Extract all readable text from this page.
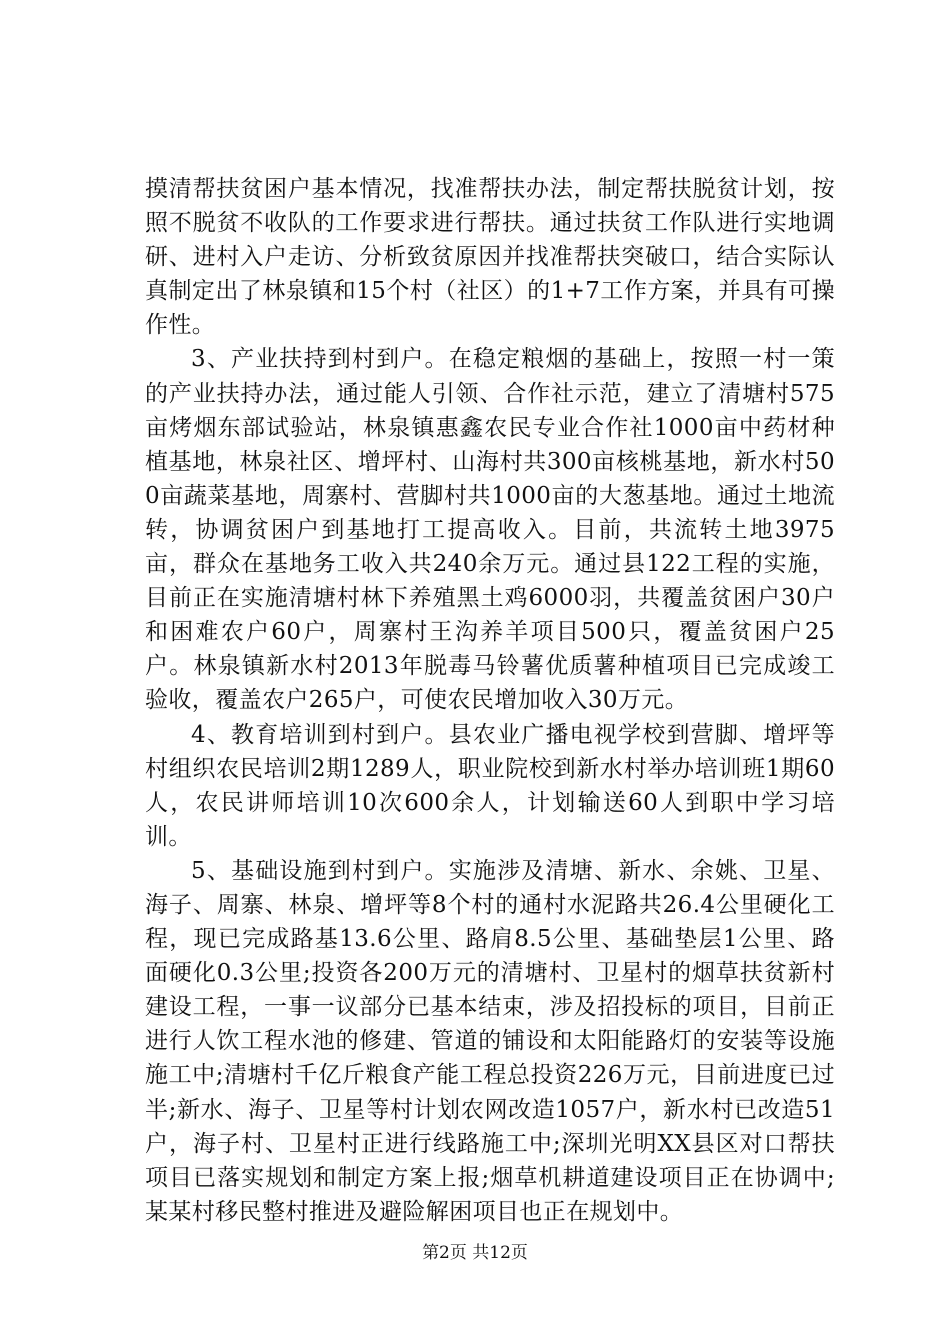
摸清帮扶贫困户基本情况，找准帮扶办法，制定帮扶脱贫计划，按照不脱贫不收队的工作要求进行帮扶。通过扶贫工作队进行实地调研、进村入户走访、分析致贫原因并找准帮扶突破口，结合实际认真制定出了林泉镇和15个村（社区）的1+7工作方案，并具有可操作性。

3、产业扶持到村到户。在稳定粮烟的基础上，按照一村一策的产业扶持办法，通过能人引领、合作社示范，建立了清塘村575亩烤烟东部试验站，林泉镇惠鑫农民专业合作社1000亩中药材种植基地，林泉社区、增坪村、山海村共300亩核桃基地，新水村500亩蔬菜基地，周寨村、营脚村共1000亩的大葱基地。通过土地流转，协调贫困户到基地打工提高收入。目前，共流转土地3975亩，群众在基地务工收入共240余万元。通过县122工程的实施，目前正在实施清塘村林下养殖黑土鸡6000羽，共覆盖贫困户30户和困难农户60户，周寨村王沟养羊项目500只，覆盖贫困户25户。林泉镇新水村2013年脱毒马铃薯优质薯种植项目已完成竣工验收，覆盖农户265户，可使农民增加收入30万元。

4、教育培训到村到户。县农业广播电视学校到营脚、增坪等村组织农民培训2期1289人，职业院校到新水村举办培训班1期60人，农民讲师培训10次600余人，计划输送60人到职中学习培训。

5、基础设施到村到户。实施涉及清塘、新水、余姚、卫星、海子、周寨、林泉、增坪等8个村的通村水泥路共26.4公里硬化工程，现已完成路基13.6公里、路肩8.5公里、基础垫层1公里、路面硬化0.3公里;投资各200万元的清塘村、卫星村的烟草扶贫新村建设工程，一事一议部分已基本结束，涉及招投标的项目，目前正进行人饮工程水池的修建、管道的铺设和太阳能路灯的安装等设施施工中;清塘村千亿斤粮食产能工程总投资226万元，目前进度已过半;新水、海子、卫星等村计划农网改造1057户，新水村已改造51户，海子村、卫星村正进行线路施工中;深圳光明XX县区对口帮扶项目已落实规划和制定方案上报;烟草机耕道建设项目正在协调中;某某村移民整村推进及避险解困项目也正在规划中。

第2页 共12页
